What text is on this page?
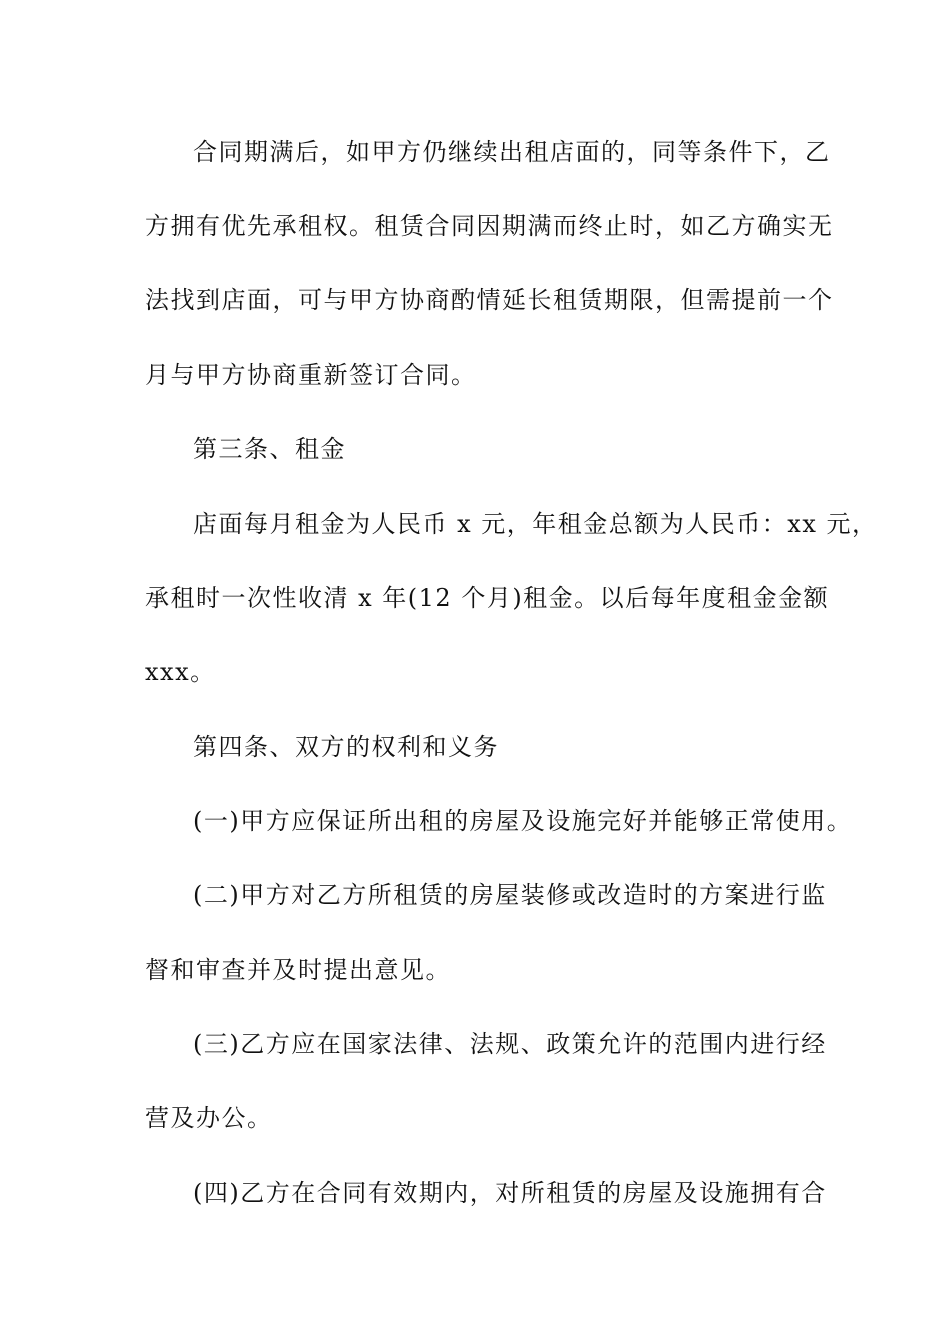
合同期满后，如甲方仍继续出租店面的，同等条件下，乙
方拥有优先承租权。租赁合同因期满而终止时，如乙方确实无
法找到店面，可与甲方协商酌情延长租赁期限，但需提前一个
月与甲方协商重新签订合同。
第三条、租金
店面每月租金为人民币 x 元，年租金总额为人民币：xx 元，
承租时一次性收清 x 年(12 个月)租金。以后每年度租金金额
xxx。
第四条、双方的权利和义务
(一)甲方应保证所出租的房屋及设施完好并能够正常使用。
(二)甲方对乙方所租赁的房屋装修或改造时的方案进行监
督和审查并及时提出意见。
(三)乙方应在国家法律、法规、政策允许的范围内进行经
营及办公。
(四)乙方在合同有效期内，对所租赁的房屋及设施拥有合
